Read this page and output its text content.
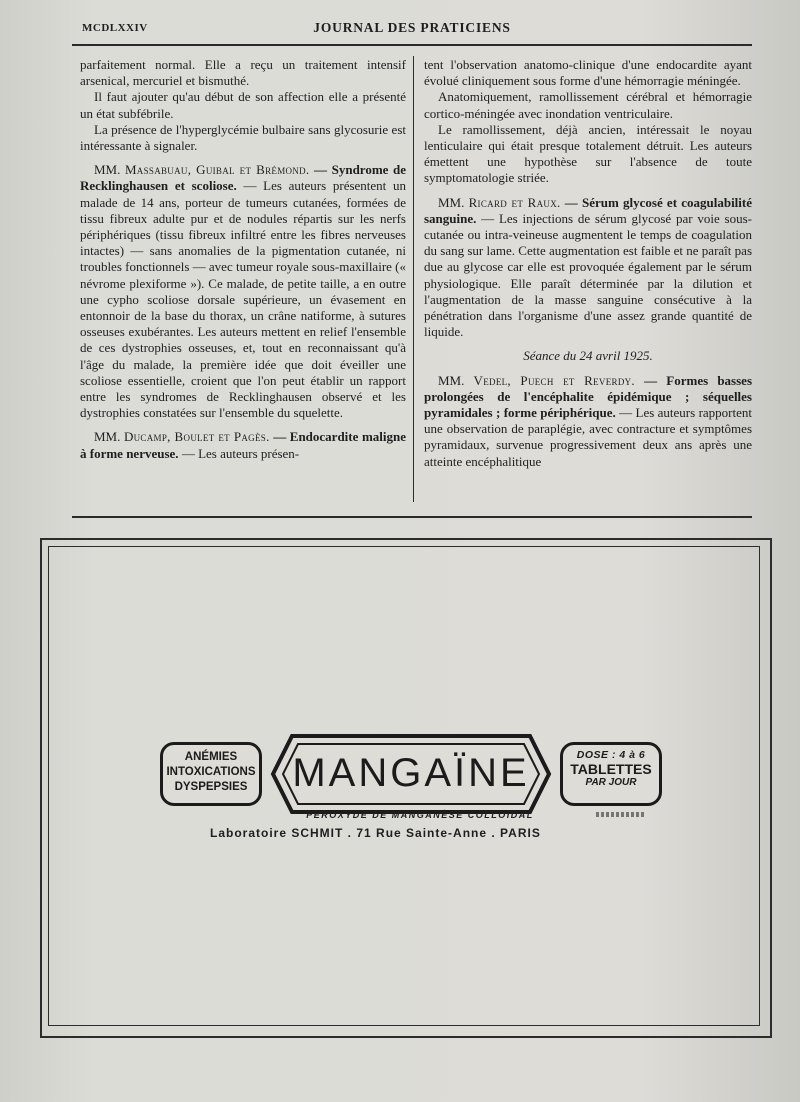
MCDLXXIV	JOURNAL DES PRATICIENS

parfaitement normal. Elle a reçu un traitement intensif arsenical, mercuriel et bismuthé.

Il faut ajouter qu'au début de son affection elle a présenté un état subfébrile.

La présence de l'hyperglycémie bulbaire sans glycosurie est intéressante à signaler.

MM. Massabuau, Guibal et Brémond. — Syndrome de Recklinghausen et scoliose. — Les auteurs présentent un malade de 14 ans, porteur de tumeurs cutanées, formées de tissu fibreux adulte pur et de nodules répartis sur les nerfs périphériques (tissu fibreux infiltré entre les fibres nerveuses intactes) — sans anomalies de la pigmentation cutanée, ni troubles fonctionnels — avec tumeur royale sous-maxillaire (« névrome plexiforme »). Ce malade, de petite taille, a en outre une cypho scoliose dorsale supérieure, un évasement en entonnoir de la base du thorax, un crâne natiforme, à sutures osseuses exubérantes. Les auteurs mettent en relief l'ensemble de ces dystrophies osseuses, et, tout en reconnaissant qu'à l'âge du malade, la première idée que doit éveiller une scoliose essentielle, croient que l'on peut établir un rapport entre les syndromes de Recklinghausen observé et les dystrophies constatées sur l'ensemble du squelette.

MM. Ducamp, Boulet et Pagès. — Endocardite maligne à forme nerveuse. — Les auteurs présen-

tent l'observation anatomo-clinique d'une endocardite ayant évolué cliniquement sous forme d'une hémorragie méningée.

Anatomiquement, ramollissement cérébral et hémorragie cortico-méningée avec inondation ventriculaire.

Le ramollissement, déjà ancien, intéressait le noyau lenticulaire qui était presque totalement détruit. Les auteurs émettent une hypothèse sur l'absence de toute symptomatologie striée.

MM. Ricard et Raux. — Sérum glycosé et coagulabilité sanguine. — Les injections de sérum glycosé par voie sous-cutanée ou intra-veineuse augmentent le temps de coagulation du sang sur lame. Cette augmentation est faible et ne paraît pas due au glycose car elle est provoquée également par le sérum physiologique. Elle paraît déterminée par la dilution et l'augmentation de la masse sanguine consécutive à la pénétration dans l'organisme d'une assez grande quantité de liquide.

Séance du 24 avril 1925.

MM. Vedel, Puech et Reverdy. — Formes basses prolongées de l'encéphalite épidémique ; séquelles pyramidales ; forme périphérique. — Les auteurs rapportent une observation de paraplégie, avec contracture et symptômes pyramidaux, survenue progressivement deux ans après une atteinte encéphalitique

ANÉMIES
INTOXICATIONS
DYSPEPSIES MANGAÏNE	DOSE : 4 à 6
TABLETTES
PAR JOUR
PEROXYDE DE MANGANÈSE COLLOÏDAL
Laboratoire SCHMIT . 71 Rue Sainte-Anne . PARIS
